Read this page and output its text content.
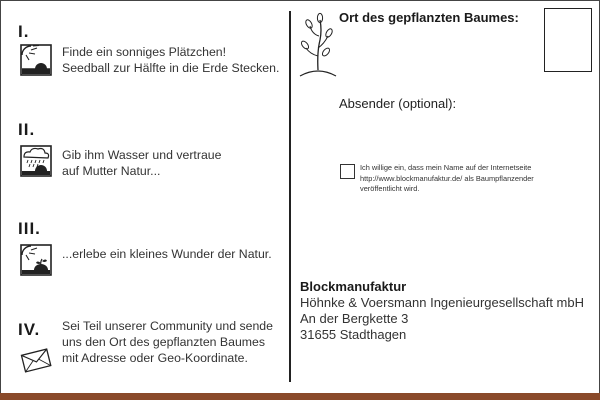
I.
Finde ein sonniges Plätzchen!
Seedball zur Hälfte in die Erde Stecken.
II.
Gib ihm Wasser und vertraue
auf Mutter Natur...
III.
...erlebe ein kleines Wunder der Natur.
IV. Sei Teil unserer Community und sende
uns den Ort des gepflanzten Baumes
mit Adresse oder Geo-Koordinate.
Ort des gepflanzten Baumes:
Absender (optional):
Ich willige ein, dass mein Name auf der Internetseite
http://www.blockmanufaktur.de/ als Baumpflanzender
veröffentlicht wird.
Blockmanufaktur
Höhnke & Voersmann Ingenieurgesellschaft mbH
An der Bergkette 3
31655 Stadthagen
